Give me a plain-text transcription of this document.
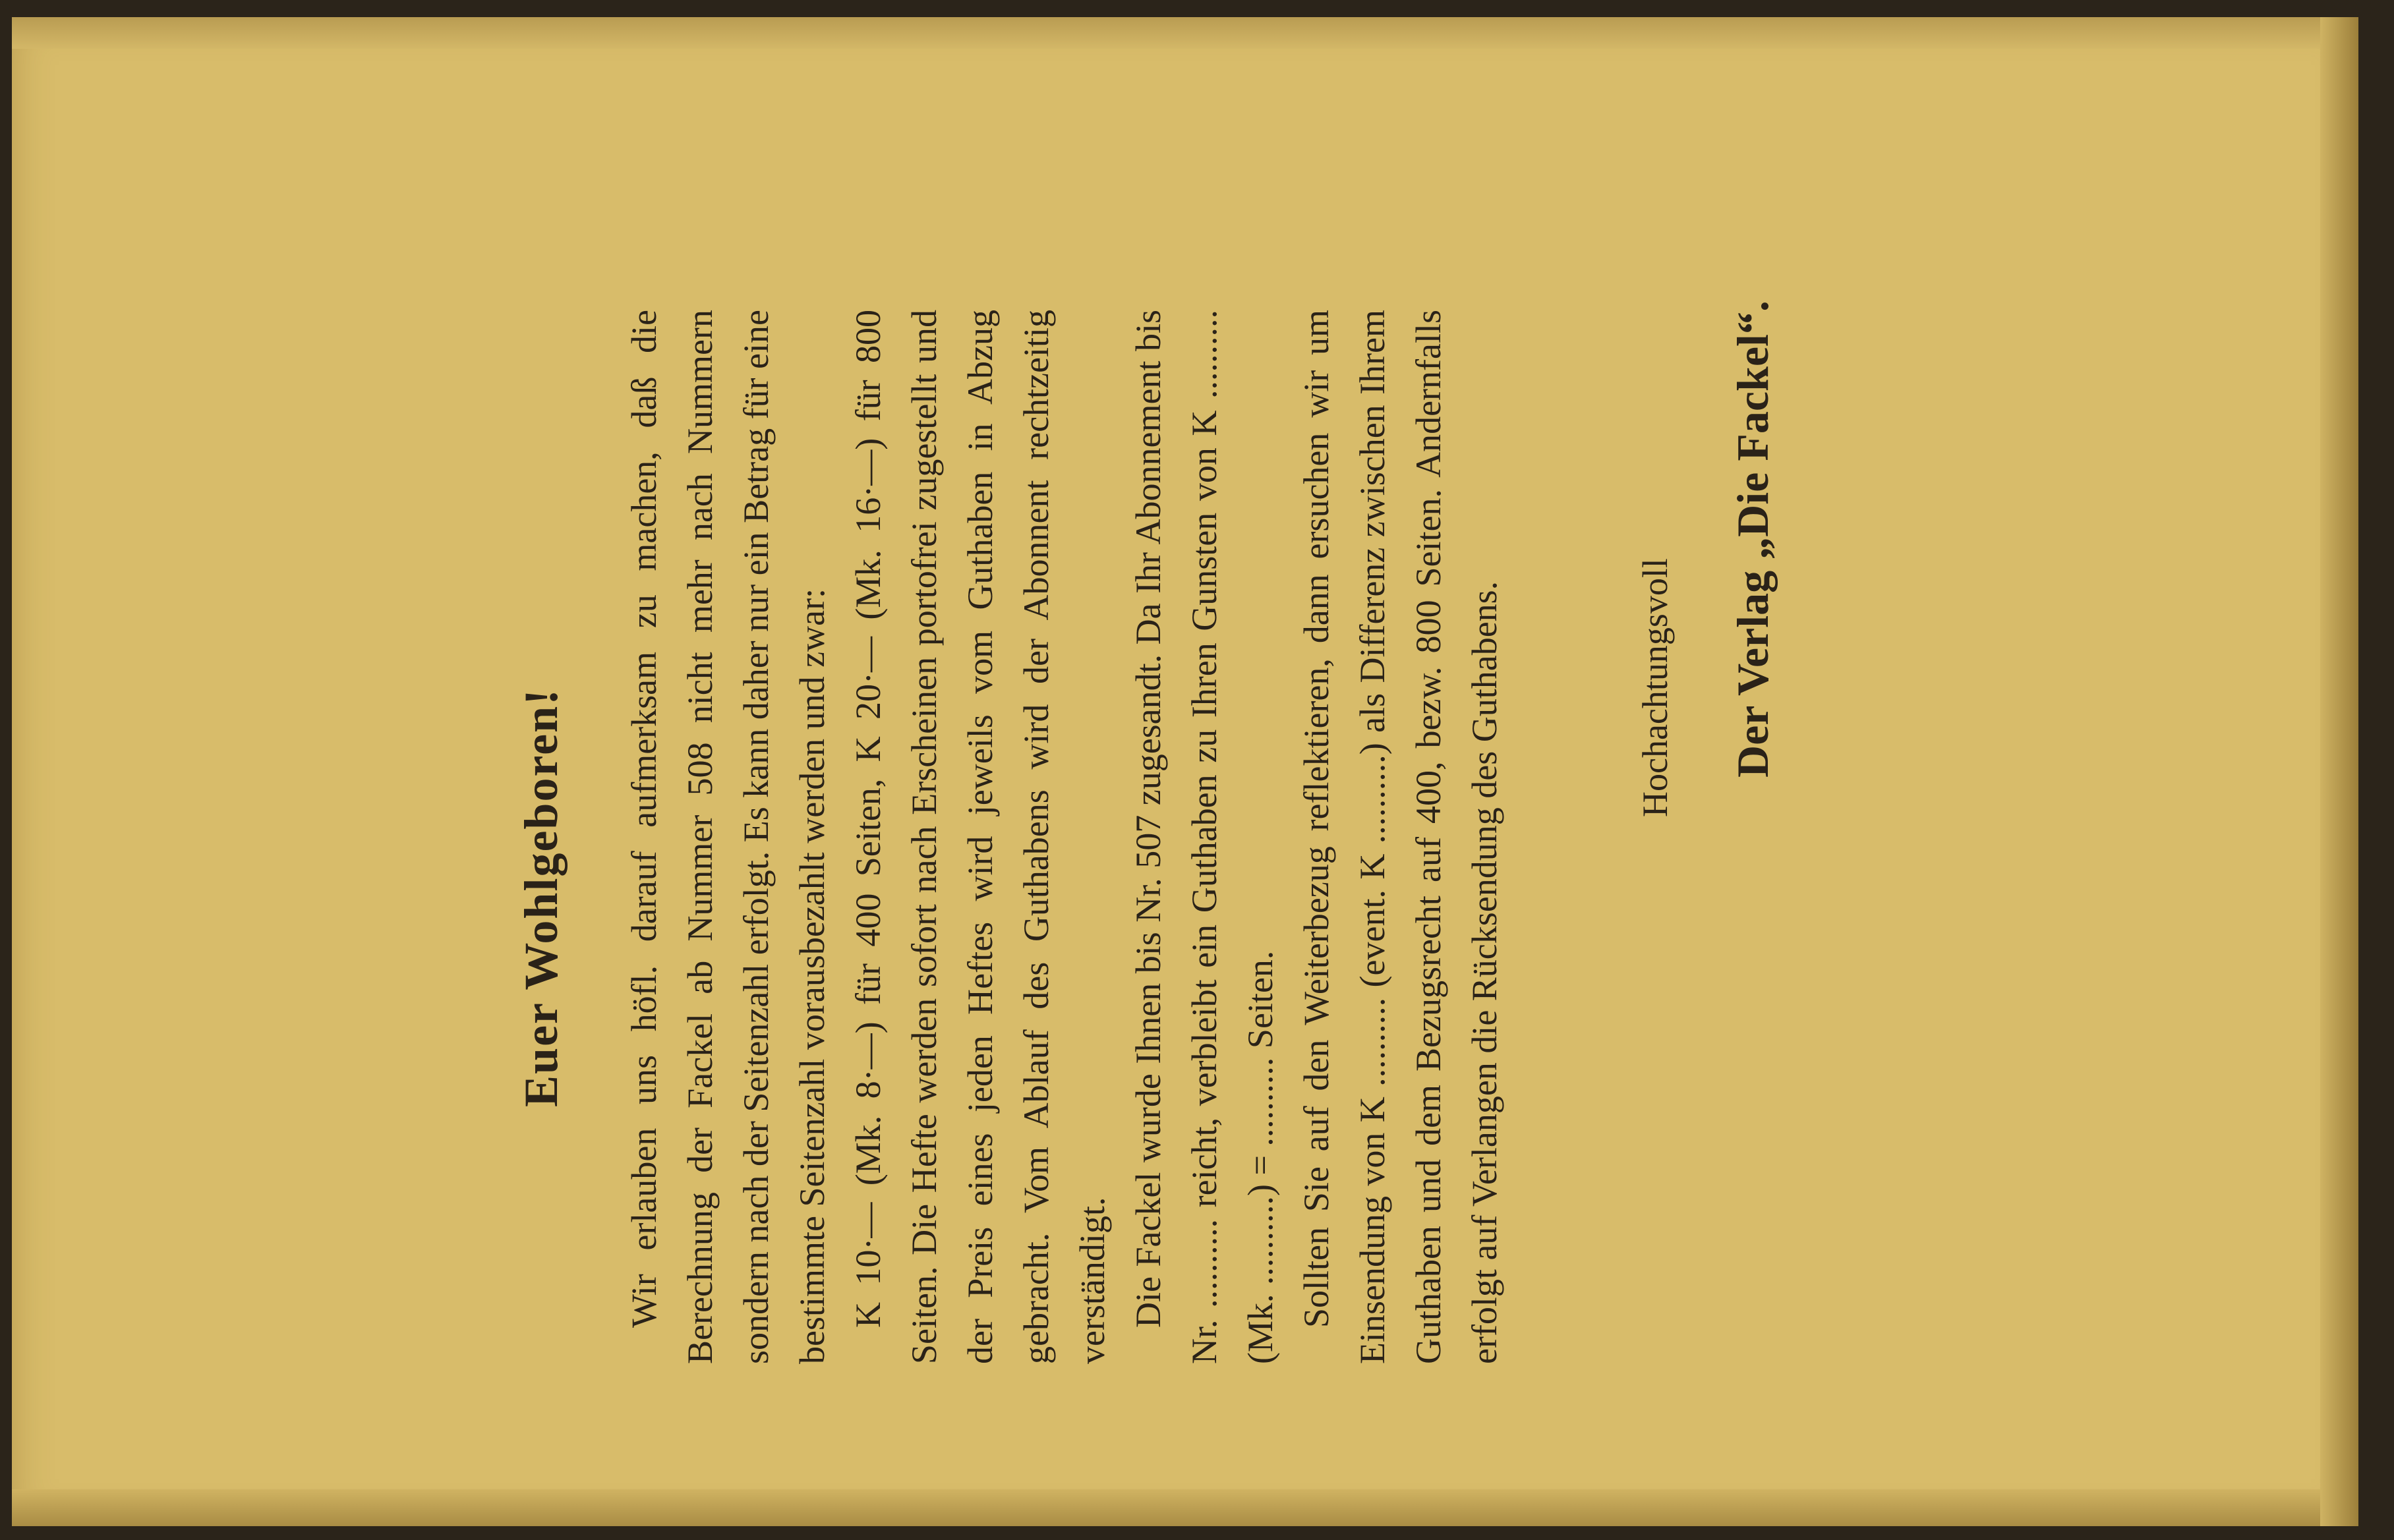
Euer Wohlgeboren! Wir erlauben uns höfl. darauf aufmerksam zu machen, daß die Berechnung der Fackel ab Nummer 508 nicht mehr nach Nummern sondern nach der Seitenzahl erfolgt. Es kann daher nur ein Betrag für eine bestimmte Seitenzahl vorausbezahlt werden und zwar: K 10·— (Mk. 8·—) für 400 Seiten, K 20·— (Mk. 16·—) für 800 Seiten. Die Hefte werden sofort nach Erscheinen portofrei zugestellt und der Preis eines jeden Heftes wird jeweils vom Guthaben in Abzug gebracht. Vom Ablauf des Guthabens wird der Abonnent rechtzeitig verständigt. Die Fackel wurde Ihnen bis Nr. 507 zugesandt. Da Ihr Abonnement bis Nr. .......... reicht, verbleibt ein Guthaben zu Ihren Gunsten von K .......... (Mk. ..........) = .......... Seiten. Sollten Sie auf den Weiterbezug reflektieren, dann ersuchen wir um Einsendung von K .......... (event. K ..........) als Differenz zwischen Ihrem Guthaben und dem Bezugsrecht auf 400, bezw. 800 Seiten. Andernfalls erfolgt auf Verlangen die Rücksendung des Guthabens.	Hochachtungsvoll Der Verlag „Die Fackel“.
